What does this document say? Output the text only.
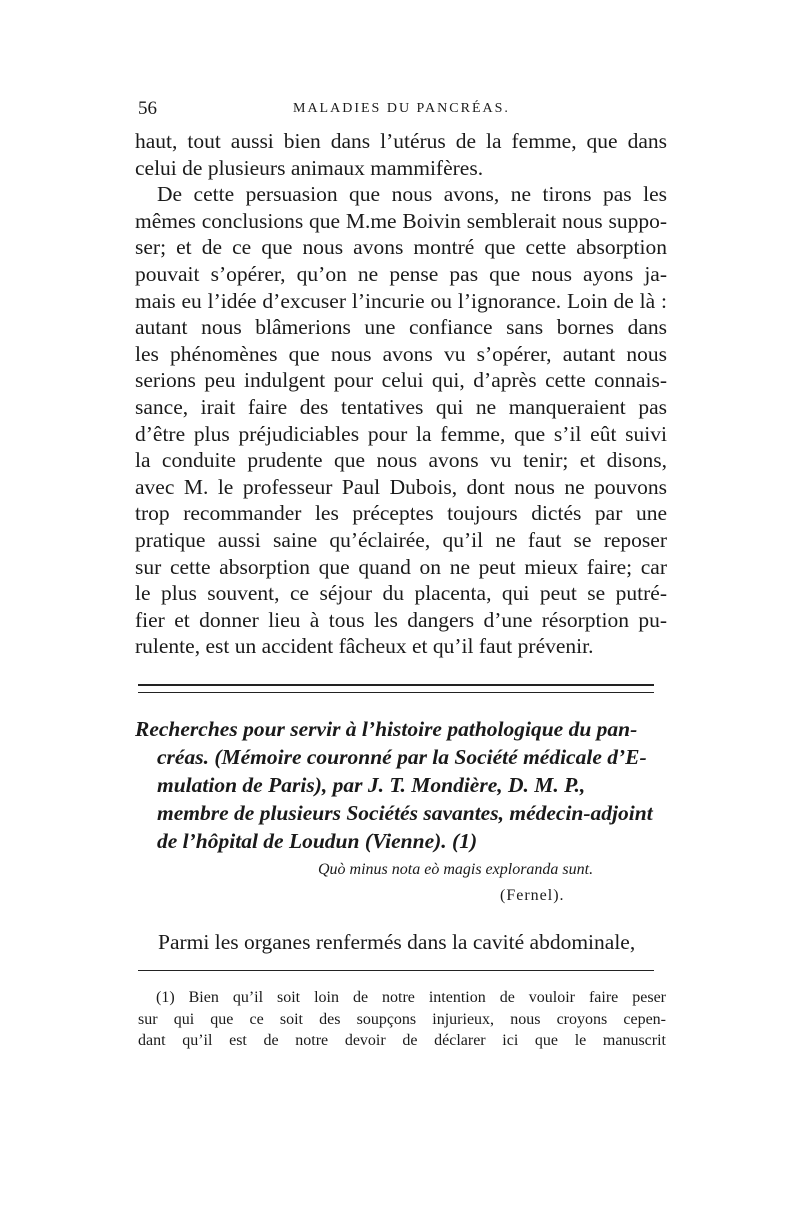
56	MALADIES DU PANCRÉAS.

haut, tout aussi bien dans l’utérus de la femme, que dans
celui de plusieurs animaux mammifères.

De cette persuasion que nous avons, ne tirons pas les
mêmes conclusions que M.me Boivin semblerait nous suppo-
ser; et de ce que nous avons montré que cette absorption
pouvait s’opérer, qu’on ne pense pas que nous ayons ja-
mais eu l’idée d’excuser l’incurie ou l’ignorance. Loin de là :
autant nous blâmerions une confiance sans bornes dans
les phénomènes que nous avons vu s’opérer, autant nous
serions peu indulgent pour celui qui, d’après cette connais-
sance, irait faire des tentatives qui ne manqueraient pas
d’être plus préjudiciables pour la femme, que s’il eût suivi
la conduite prudente que nous avons vu tenir; et disons,
avec M. le professeur Paul Dubois, dont nous ne pouvons
trop recommander les préceptes toujours dictés par une
pratique aussi saine qu’éclairée, qu’il ne faut se reposer
sur cette absorption que quand on ne peut mieux faire; car
le plus souvent, ce séjour du placenta, qui peut se putré-
fier et donner lieu à tous les dangers d’une résorption pu-
rulente, est un accident fâcheux et qu’il faut prévenir.

Recherches pour servir à l’histoire pathologique du pan-
créas. (Mémoire couronné par la Société médicale d’E-
mulation de Paris), par J. T. Mondière, D. M. P.,
membre de plusieurs Sociétés savantes, médecin-adjoint
de l’hôpital de Loudun (Vienne). (1)
Quò minus nota eò magis exploranda sunt.
(Fernel).
Parmi les organes renfermés dans la cavité abdominale,
(1) Bien qu’il soit loin de notre intention de vouloir faire peser
sur qui que ce soit des soupçons injurieux, nous croyons cepen-
dant qu’il est de notre devoir de déclarer ici que le manuscrit
